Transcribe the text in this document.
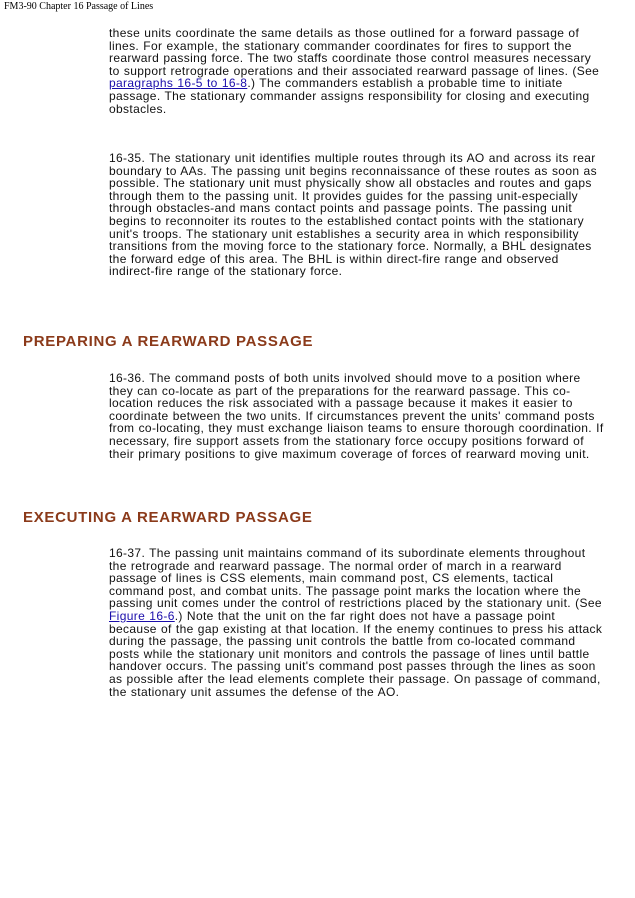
FM3-90 Chapter 16 Passage of Lines

these units coordinate the same details as those outlined for a forward passage of lines. For example, the stationary commander coordinates for fires to support the rearward passing force. The two staffs coordinate those control measures necessary to support retrograde operations and their associated rearward passage of lines. (See paragraphs 16-5 to 16-8.) The commanders establish a probable time to initiate passage. The stationary commander assigns responsibility for closing and executing obstacles.

16-35. The stationary unit identifies multiple routes through its AO and across its rear boundary to AAs. The passing unit begins reconnaissance of these routes as soon as possible. The stationary unit must physically show all obstacles and routes and gaps through them to the passing unit. It provides guides for the passing unit-especially through obstacles-and mans contact points and passage points. The passing unit begins to reconnoiter its routes to the established contact points with the stationary unit's troops. The stationary unit establishes a security area in which responsibility transitions from the moving force to the stationary force. Normally, a BHL designates the forward edge of this area. The BHL is within direct-fire range and observed indirect-fire range of the stationary force.

PREPARING A REARWARD PASSAGE

16-36. The command posts of both units involved should move to a position where they can co-locate as part of the preparations for the rearward passage. This co-location reduces the risk associated with a passage because it makes it easier to coordinate between the two units. If circumstances prevent the units' command posts from co-locating, they must exchange liaison teams to ensure thorough coordination. If necessary, fire support assets from the stationary force occupy positions forward of their primary positions to give maximum coverage of forces of rearward moving unit.

EXECUTING A REARWARD PASSAGE

16-37. The passing unit maintains command of its subordinate elements throughout the retrograde and rearward passage. The normal order of march in a rearward passage of lines is CSS elements, main command post, CS elements, tactical command post, and combat units. The passage point marks the location where the passing unit comes under the control of restrictions placed by the stationary unit. (See Figure 16-6.) Note that the unit on the far right does not have a passage point because of the gap existing at that location. If the enemy continues to press his attack during the passage, the passing unit controls the battle from co-located command posts while the stationary unit monitors and controls the passage of lines until battle handover occurs. The passing unit's command post passes through the lines as soon as possible after the lead elements complete their passage. On passage of command, the stationary unit assumes the defense of the AO.
